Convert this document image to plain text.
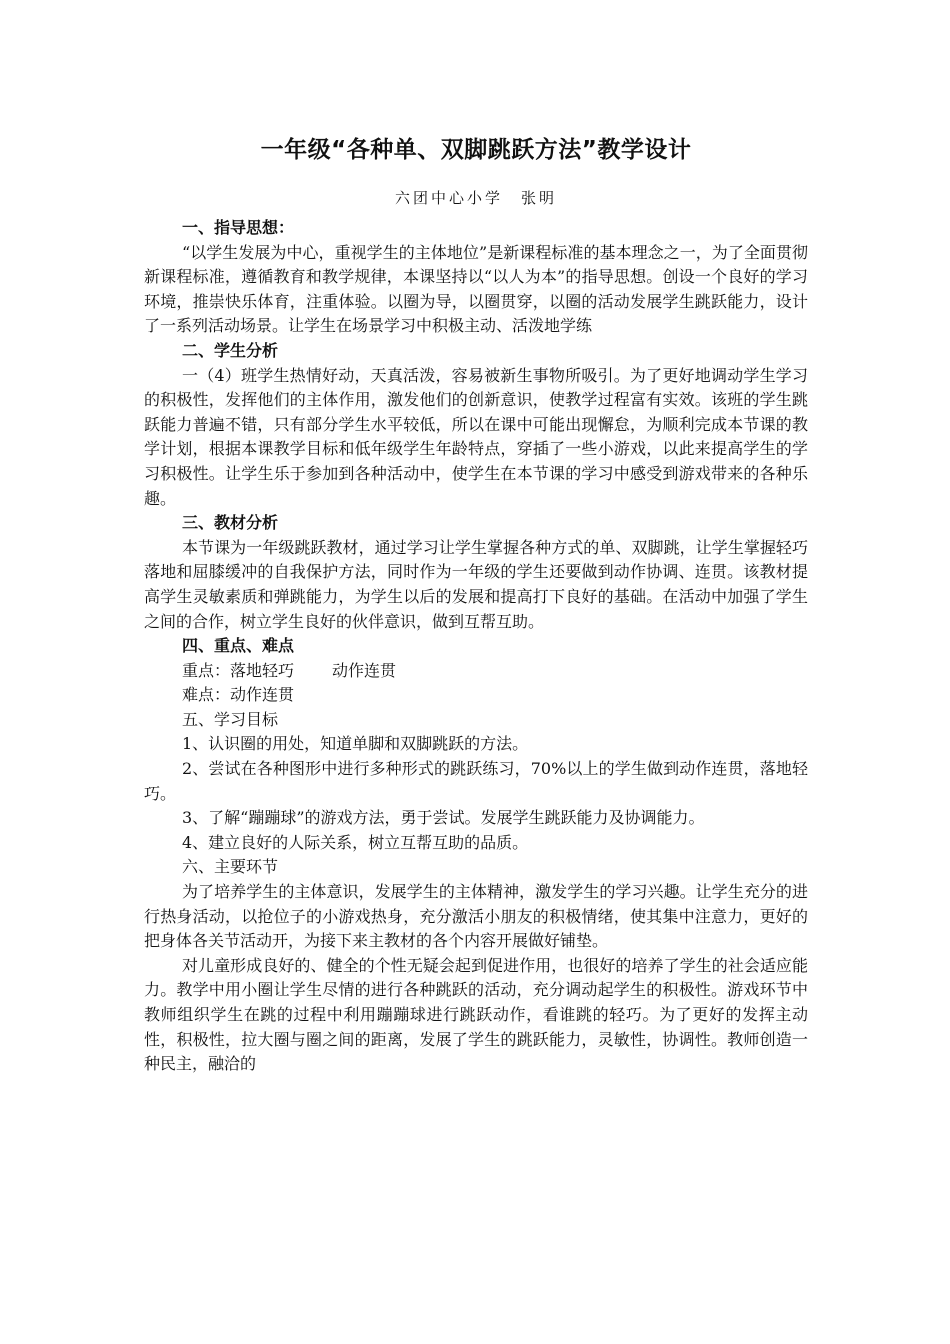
一年级“各种单、双脚跳跃方法”教学设计
六团中心小学 张明
一、指导思想：

“以学生发展为中心，重视学生的主体地位”是新课程标准的基本理念之一，为了全面贯彻新课程标准，遵循教育和教学规律，本课坚持以“以人为本”的指导思想。创设一个良好的学习环境，推崇快乐体育，注重体验。以圈为导，以圈贯穿，以圈的活动发展学生跳跃能力，设计了一系列活动场景。让学生在场景学习中积极主动、活泼地学练

二、学生分析

一（4）班学生热情好动，天真活泼，容易被新生事物所吸引。为了更好地调动学生学习的积极性，发挥他们的主体作用，激发他们的创新意识，使教学过程富有实效。该班的学生跳跃能力普遍不错，只有部分学生水平较低，所以在课中可能出现懈怠，为顺利完成本节课的教学计划，根据本课教学目标和低年级学生年龄特点，穿插了一些小游戏，以此来提高学生的学习积极性。让学生乐于参加到各种活动中，使学生在本节课的学习中感受到游戏带来的各种乐趣。

三、教材分析

本节课为一年级跳跃教材，通过学习让学生掌握各种方式的单、双脚跳，让学生掌握轻巧落地和屈膝缓冲的自我保护方法，同时作为一年级的学生还要做到动作协调、连贯。该教材提高学生灵敏素质和弹跳能力，为学生以后的发展和提高打下良好的基础。在活动中加强了学生之间的合作，树立学生良好的伙伴意识，做到互帮互助。

四、重点、难点

重点：落地轻巧 动作连贯

难点：动作连贯

五、学习目标

1、认识圈的用处，知道单脚和双脚跳跃的方法。

2、尝试在各种图形中进行多种形式的跳跃练习，70%以上的学生做到动作连贯，落地轻巧。

3、了解“蹦蹦球”的游戏方法，勇于尝试。发展学生跳跃能力及协调能力。

4、建立良好的人际关系，树立互帮互助的品质。

六、主要环节

为了培养学生的主体意识，发展学生的主体精神，激发学生的学习兴趣。让学生充分的进行热身活动，以抢位子的小游戏热身，充分激活小朋友的积极情绪，使其集中注意力，更好的把身体各关节活动开，为接下来主教材的各个内容开展做好铺垫。

对儿童形成良好的、健全的个性无疑会起到促进作用，也很好的培养了学生的社会适应能力。教学中用小圈让学生尽情的进行各种跳跃的活动，充分调动起学生的积极性。游戏环节中教师组织学生在跳的过程中利用蹦蹦球进行跳跃动作，看谁跳的轻巧。为了更好的发挥主动性，积极性，拉大圈与圈之间的距离，发展了学生的跳跃能力，灵敏性，协调性。教师创造一种民主，融洽的
